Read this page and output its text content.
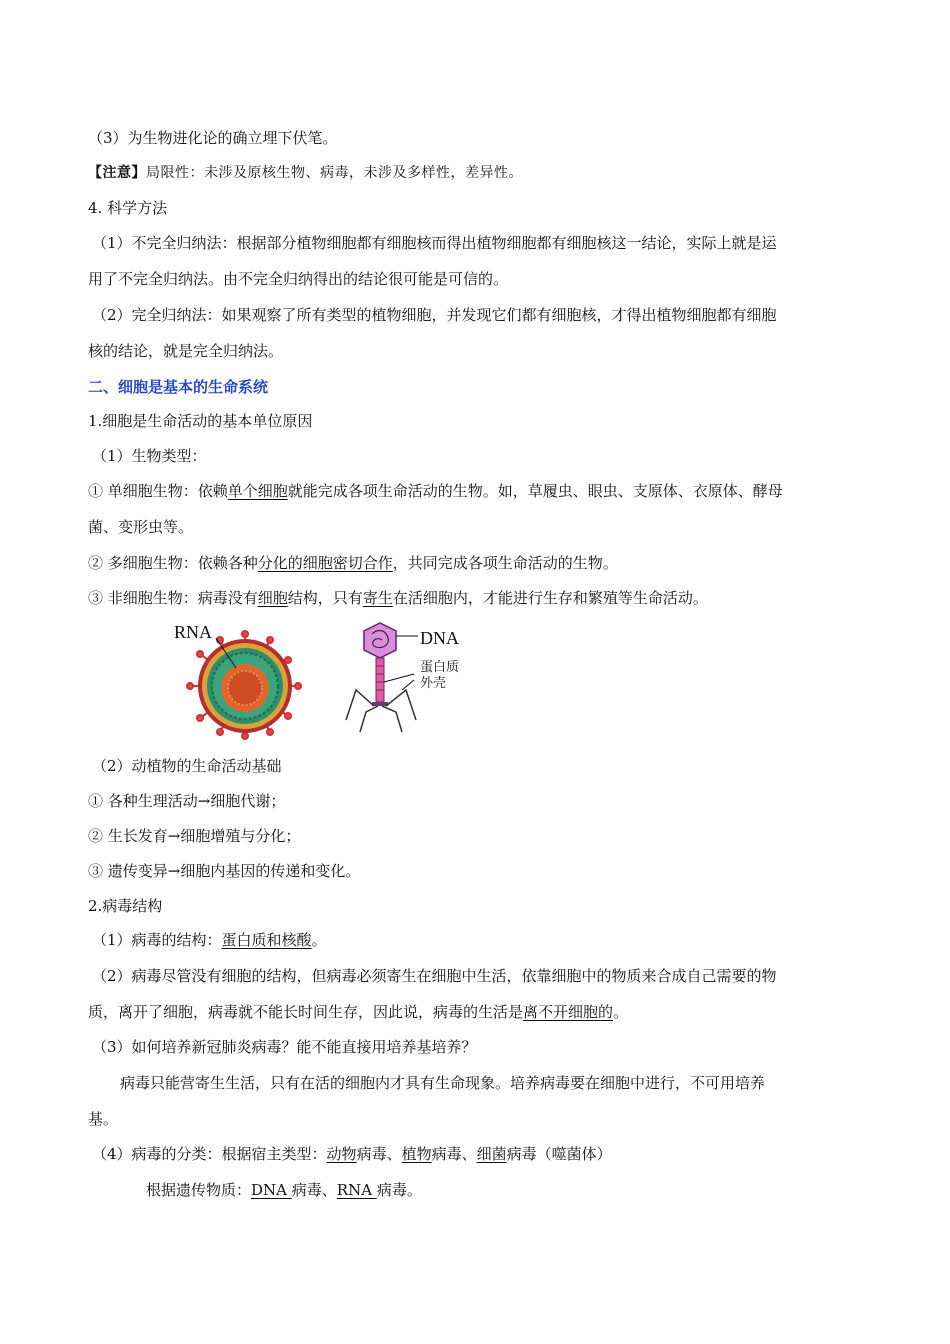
（3）为生物进化论的确立埋下伏笔。
【注意】局限性：未涉及原核生物、病毒，未涉及多样性，差异性。
4. 科学方法
（1）不完全归纳法：根据部分植物细胞都有细胞核而得出植物细胞都有细胞核这一结论，实际上就是运
用了不完全归纳法。由不完全归纳得出的结论很可能是可信的。
（2）完全归纳法：如果观察了所有类型的植物细胞，并发现它们都有细胞核，才得出植物细胞都有细胞
核的结论，就是完全归纳法。
二、细胞是基本的生命系统
1.细胞是生命活动的基本单位原因
（1）生物类型：
① 单细胞生物：依赖单个细胞就能完成各项生命活动的生物。如，草履虫、眼虫、支原体、衣原体、酵母
菌、变形虫等。
② 多细胞生物：依赖各种分化的细胞密切合作，共同完成各项生命活动的生物。
③ 非细胞生物：病毒没有细胞结构，只有寄生在活细胞内，才能进行生存和繁殖等生命活动。
RNA	DNA
蛋白质
外壳
（2）动植物的生命活动基础
① 各种生理活动→细胞代谢；
② 生长发育→细胞增殖与分化；
③ 遗传变异→细胞内基因的传递和变化。
2.病毒结构
（1）病毒的结构：蛋白质和核酸。
（2）病毒尽管没有细胞的结构，但病毒必须寄生在细胞中生活，依靠细胞中的物质来合成自己需要的物
质，离开了细胞，病毒就不能长时间生存，因此说，病毒的生活是离不开细胞的。
（3）如何培养新冠肺炎病毒？能不能直接用培养基培养？
病毒只能营寄生生活，只有在活的细胞内才具有生命现象。培养病毒要在细胞中进行，不可用培养
基。
（4）病毒的分类：根据宿主类型：动物病毒、植物病毒、细菌病毒（噬菌体）
根据遗传物质：DNA 病毒、RNA 病毒。
